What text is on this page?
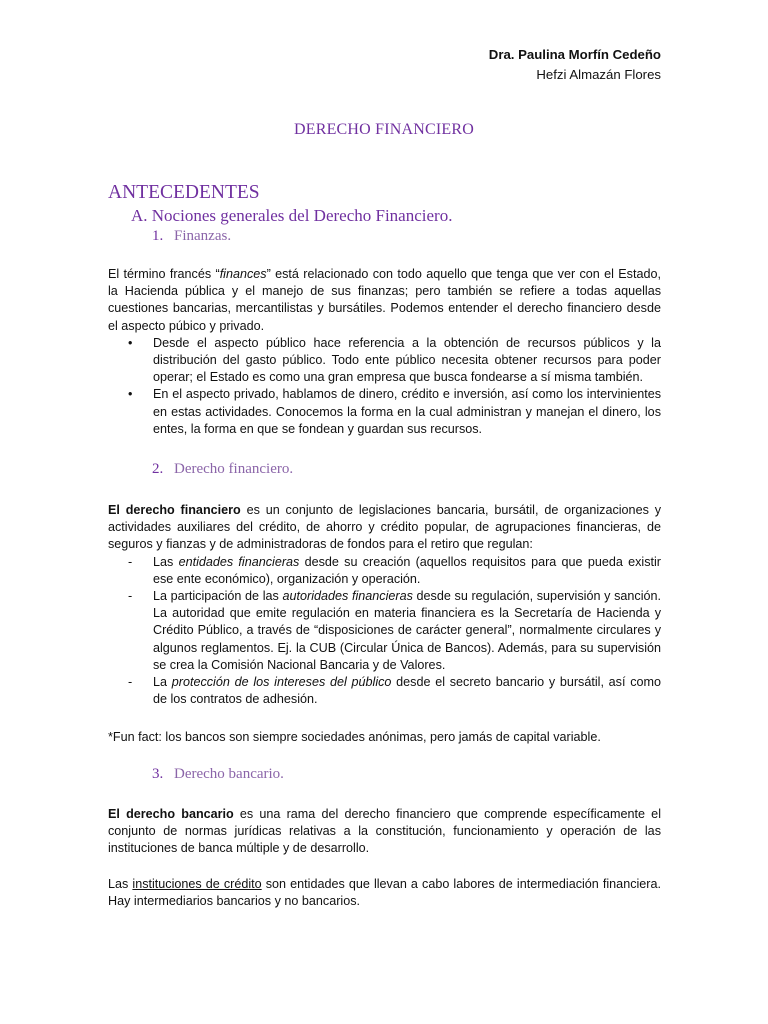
Dra. Paulina Morfín Cedeño
Hefzi Almazán Flores
DERECHO FINANCIERO
ANTECEDENTES
A. Nociones generales del Derecho Financiero.
1. Finanzas.
El término francés “finances” está relacionado con todo aquello que tenga que ver con el Estado, la Hacienda pública y el manejo de sus finanzas; pero también se refiere a todas aquellas cuestiones bancarias, mercantilistas y bursátiles. Podemos entender el derecho financiero desde el aspecto púbico y privado.
• Desde el aspecto público hace referencia a la obtención de recursos públicos y la distribución del gasto público. Todo ente público necesita obtener recursos para poder operar; el Estado es como una gran empresa que busca fondearse a sí misma también.
• En el aspecto privado, hablamos de dinero, crédito e inversión, así como los intervinientes en estas actividades. Conocemos la forma en la cual administran y manejan el dinero, los entes, la forma en que se fondean y guardan sus recursos.
2. Derecho financiero.
El derecho financiero es un conjunto de legislaciones bancaria, bursátil, de organizaciones y actividades auxiliares del crédito, de ahorro y crédito popular, de agrupaciones financieras, de seguros y fianzas y de administradoras de fondos para el retiro que regulan:
- Las entidades financieras desde su creación (aquellos requisitos para que pueda existir ese ente económico), organización y operación.
- La participación de las autoridades financieras desde su regulación, supervisión y sanción. La autoridad que emite regulación en materia financiera es la Secretaría de Hacienda y Crédito Público, a través de “disposiciones de carácter general”, normalmente circulares y algunos reglamentos. Ej. la CUB (Circular Única de Bancos). Además, para su supervisión se crea la Comisión Nacional Bancaria y de Valores.
- La protección de los intereses del público desde el secreto bancario y bursátil, así como de los contratos de adhesión.
*Fun fact: los bancos son siempre sociedades anónimas, pero jamás de capital variable.
3. Derecho bancario.
El derecho bancario es una rama del derecho financiero que comprende específicamente el conjunto de normas jurídicas relativas a la constitución, funcionamiento y operación de las instituciones de banca múltiple y de desarrollo.
Las instituciones de crédito son entidades que llevan a cabo labores de intermediación financiera. Hay intermediarios bancarios y no bancarios.
